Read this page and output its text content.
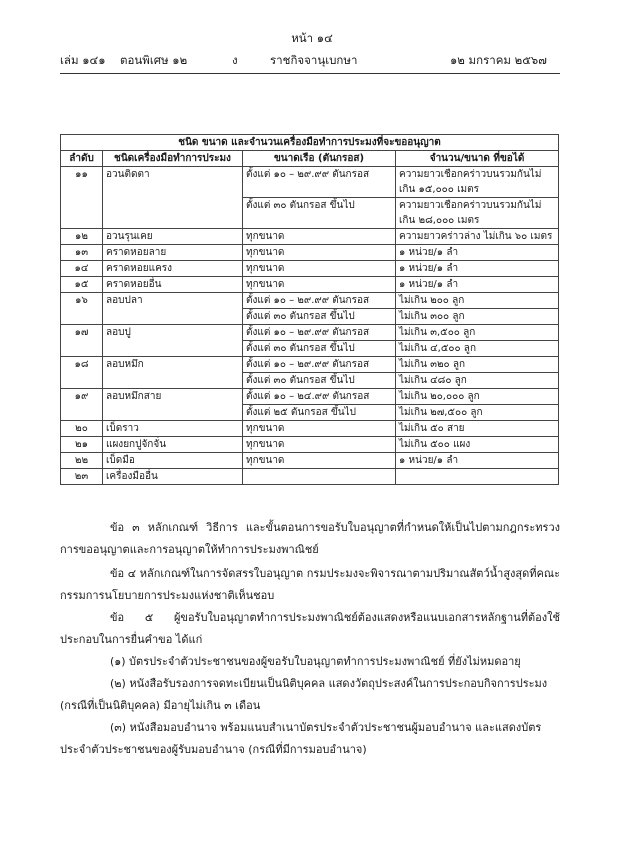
หน้า ๑๔
เล่ม ๑๔๑ ตอนพิเศษ ๑๒	ง	ราชกิจจานุเบกษา	๑๒ มกราคม ๒๕๖๗
ชนิด ขนาด และจำนวนเครื่องมือทำการประมงที่จะขออนุญาต			
ลำดับ	ชนิดเครื่องมือทำการประมง	ขนาดเรือ (ตันกรอส)	จำนวน/ขนาด ที่ขอได้
๑๑	อวนติดตา	ตั้งแต่ ๑๐ – ๒๙.๙๙ ตันกรอส	ความยาวเชือกคร่าวบนรวมกันไม่เกิน ๑๕,๐๐๐ เมตร
		ตั้งแต่ ๓๐ ตันกรอส ขึ้นไป	ความยาวเชือกคร่าวบนรวมกันไม่เกิน ๒๘,๐๐๐ เมตร
๑๒	อวนรุนเคย	ทุกขนาด	ความยาวคร่าวล่าง ไม่เกิน ๖๐ เมตร
๑๓	คราดหอยลาย	ทุกขนาด	๑ หน่วย/๑ ลำ
๑๔	คราดหอยแครง	ทุกขนาด	๑ หน่วย/๑ ลำ
๑๕	คราดหอยอื่น	ทุกขนาด	๑ หน่วย/๑ ลำ
๑๖	ลอบปลา	ตั้งแต่ ๑๐ – ๒๙.๙๙ ตันกรอส	ไม่เกิน ๒๐๐ ลูก
		ตั้งแต่ ๓๐ ตันกรอส ขึ้นไป	ไม่เกิน ๓๐๐ ลูก
๑๗	ลอบปู	ตั้งแต่ ๑๐ – ๒๙.๙๙ ตันกรอส	ไม่เกิน ๓,๕๐๐ ลูก
		ตั้งแต่ ๓๐ ตันกรอส ขึ้นไป	ไม่เกิน ๔,๕๐๐ ลูก
๑๘	ลอบหมึก	ตั้งแต่ ๑๐ – ๒๙.๙๙ ตันกรอส	ไม่เกิน ๓๒๐ ลูก
		ตั้งแต่ ๓๐ ตันกรอส ขึ้นไป	ไม่เกิน ๔๘๐ ลูก
๑๙	ลอบหมึกสาย	ตั้งแต่ ๑๐ – ๒๔.๙๙ ตันกรอส	ไม่เกิน ๒๐,๐๐๐ ลูก
		ตั้งแต่ ๒๕ ตันกรอส ขึ้นไป	ไม่เกิน ๒๗,๕๐๐ ลูก
๒๐	เบ็ดราว	ทุกขนาด	ไม่เกิน ๕๐ สาย
๒๑	แผงยกปูจักจั่น	ทุกขนาด	ไม่เกิน ๕๐๐ แผง
๒๒	เบ็ดมือ	ทุกขนาด	๑ หน่วย/๑ ลำ
๒๓	เครื่องมืออื่น		
ข้อ ๓ หลักเกณฑ์ วิธีการ และขั้นตอนการขอรับใบอนุญาตที่กำหนดให้เป็นไปตามกฎกระทรวงการขออนุญาตและการอนุญาตให้ทำการประมงพาณิชย์
ข้อ ๔ หลักเกณฑ์ในการจัดสรรใบอนุญาต กรมประมงจะพิจารณาตามปริมาณสัตว์น้ำสูงสุดที่คณะกรรมการนโยบายการประมงแห่งชาติเห็นชอบ
ข้อ ๕ ผู้ขอรับใบอนุญาตทำการประมงพาณิชย์ต้องแสดงหรือแนบเอกสารหลักฐานที่ต้องใช้ประกอบในการยื่นคำขอ ได้แก่
(๑) บัตรประจำตัวประชาชนของผู้ขอรับใบอนุญาตทำการประมงพาณิชย์ ที่ยังไม่หมดอายุ
(๒) หนังสือรับรองการจดทะเบียนเป็นนิติบุคคล แสดงวัตถุประสงค์ในการประกอบกิจการประมง (กรณีที่เป็นนิติบุคคล) มีอายุไม่เกิน ๓ เดือน
(๓) หนังสือมอบอำนาจ พร้อมแนบสำเนาบัตรประจำตัวประชาชนผู้มอบอำนาจ และแสดงบัตรประจำตัวประชาชนของผู้รับมอบอำนาจ (กรณีที่มีการมอบอำนาจ)
